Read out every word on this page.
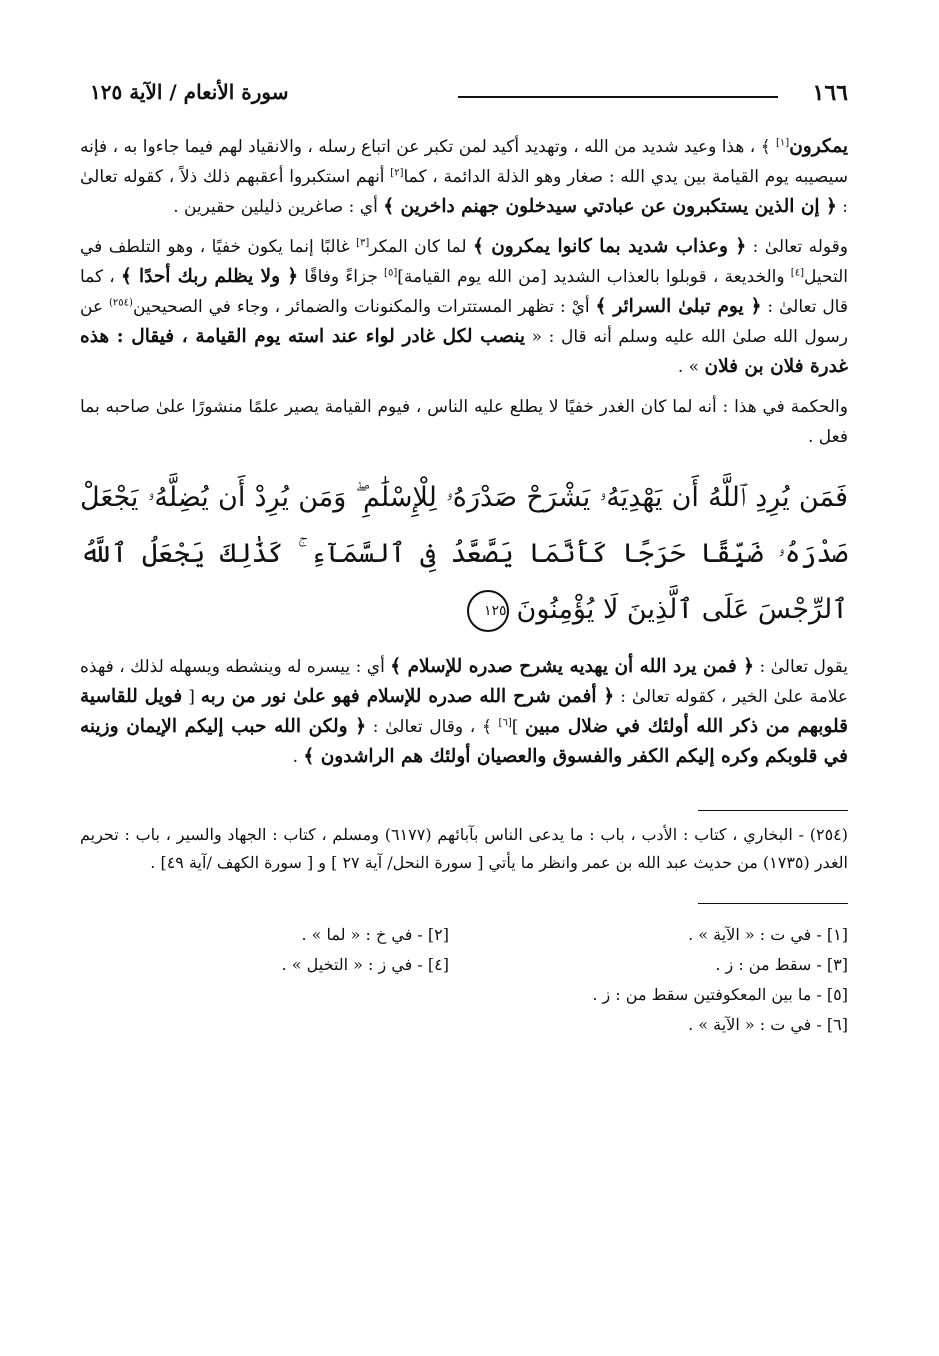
١٦٦
سورة الأنعام / الآية ١٢٥

يمكرون[١] ﴾ ، هذا وعيد شديد من الله ، وتهديد أكيد لمن تكبر عن اتباع رسله ، والانقياد لهم فيما جاءوا به ، فإنه سيصيبه يوم القيامة بين يدي الله : صغار وهو الذلة الدائمة ، كما[٢] أنهم استكبروا أعقبهم ذلك ذلاً ، كقوله تعالىٰ : ﴿ إن الذين يستكبرون عن عبادتي سيدخلون جهنم داخرين ﴾ أي : صاغرين ذليلين حقيرين .

وقوله تعالىٰ : ﴿ وعذاب شديد بما كانوا يمكرون ﴾ لما كان المكر[٣] غالبًا إنما يكون خفيًا ، وهو التلطف في التحيل[٤] والخديعة ، قوبلوا بالعذاب الشديد [من الله يوم القيامة][٥] جزاءً وفاقًا ﴿ ولا يظلم ربك أحدًا ﴾ ، كما قال تعالىٰ : ﴿ يوم تبلىٰ السرائر ﴾ أيْ : تظهر المستترات والمكنونات والضمائر ، وجاء في الصحيحين$^{(٢٥٤)}$ عن رسول الله صلىٰ الله عليه وسلم أنه قال : « ينصب لكل غادر لواء عند استه يوم القيامة ، فيقال : هذه غدرة فلان بن فلان » .

والحكمة في هذا : أنه لما كان الغدر خفيًا لا يطلع عليه الناس ، فيوم القيامة يصير علمًا منشورًا علىٰ صاحبه بما فعل .

فَمَن يُرِدِ ٱللَّهُ أَن يَهْدِيَهُۥ يَشْرَحْ صَدْرَهُۥ لِلْإِسْلَٰمِ ۖ وَمَن يُرِدْ أَن يُضِلَّهُۥ يَجْعَلْ
صَدْرَهُۥ ضَيِّقًا حَرَجًا كَأَنَّمَا يَصَّعَّدُ فِى ٱلسَّمَآءِ ۚ كَذَٰلِكَ يَجْعَلُ ٱللَّهُ
ٱلرِّجْسَ عَلَى ٱلَّذِينَ لَا يُؤْمِنُونَ١٢٥

يقول تعالىٰ : ﴿ فمن يرد الله أن يهديه يشرح صدره للإسلام ﴾ أي : ييسره له وينشطه ويسهله لذلك ، فهذه علامة علىٰ الخير ، كقوله تعالىٰ : ﴿ أفمن شرح الله صدره للإسلام فهو علىٰ نور من ربه [ فويل للقاسية قلوبهم من ذكر الله أولئك في ضلال مبين ][٦] ﴾ ، وقال تعالىٰ : ﴿ ولكن الله حبب إليكم الإيمان وزينه في قلوبكم وكره إليكم الكفر والفسوق والعصيان أولئك هم الراشدون ﴾ .

(٢٥٤) - البخاري ، كتاب : الأدب ، باب : ما يدعى الناس بآبائهم (٦١٧٧) ومسلم ، كتاب : الجهاد والسير ، باب : تحريم الغدر (١٧٣٥) من حديث عبد الله بن عمر وانظر ما يأتي [ سورة النحل/ آية ٢٧ ] و [ سورة الكهف /آية ٤٩] .
[١] - في ت : « الآية » .
[٢] - في خ : « لما » .
[٣] - سقط من : ز .
[٤] - في ز : « التخيل » .
[٥] - ما بين المعكوفتين سقط من : ز .
[٦] - في ت : « الآية » .
